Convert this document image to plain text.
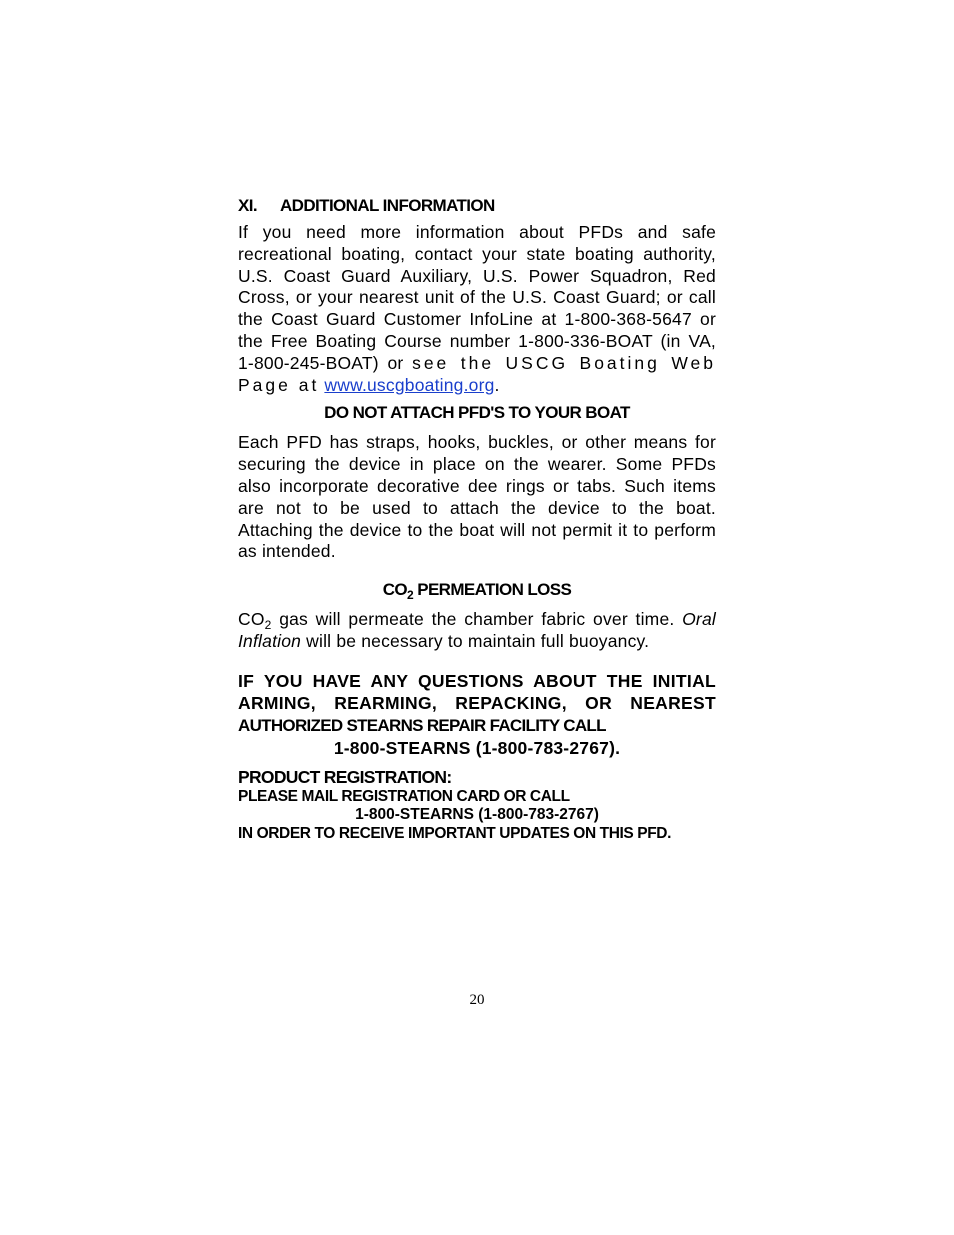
XI. ADDITIONAL INFORMATION

If you need more information about PFDs and safe recreational boating, contact your state boating authority, U.S. Coast Guard Auxiliary, U.S. Power Squadron, Red Cross, or your nearest unit of the U.S. Coast Guard; or call the Coast Guard Customer InfoLine at 1-800-368-5647 or the Free Boating Course number 1-800-336-BOAT (in VA, 1-800-245-BOAT) or see the USCG Boating Web Page at www.uscgboating.org.

DO NOT ATTACH PFD'S TO YOUR BOAT

Each PFD has straps, hooks, buckles, or other means for securing the device in place on the wearer. Some PFDs also incorporate decorative dee rings or tabs. Such items are not to be used to attach the device to the boat. Attaching the device to the boat will not permit it to perform as intended.

$CO_2$ PERMEATION LOSS

$CO_2$ gas will permeate the chamber fabric over time. Oral Inflation will be necessary to maintain full buoyancy.

IF YOU HAVE ANY QUESTIONS ABOUT THE INITIAL ARMING, REARMING, REPACKING, OR NEAREST AUTHORIZED STEARNS REPAIR FACILITY CALL
1-800-STEARNS (1-800-783-2767).
PRODUCT REGISTRATION:
PLEASE MAIL REGISTRATION CARD OR CALL
1-800-STEARNS (1-800-783-2767)
IN ORDER TO RECEIVE IMPORTANT UPDATES ON THIS PFD.
20
